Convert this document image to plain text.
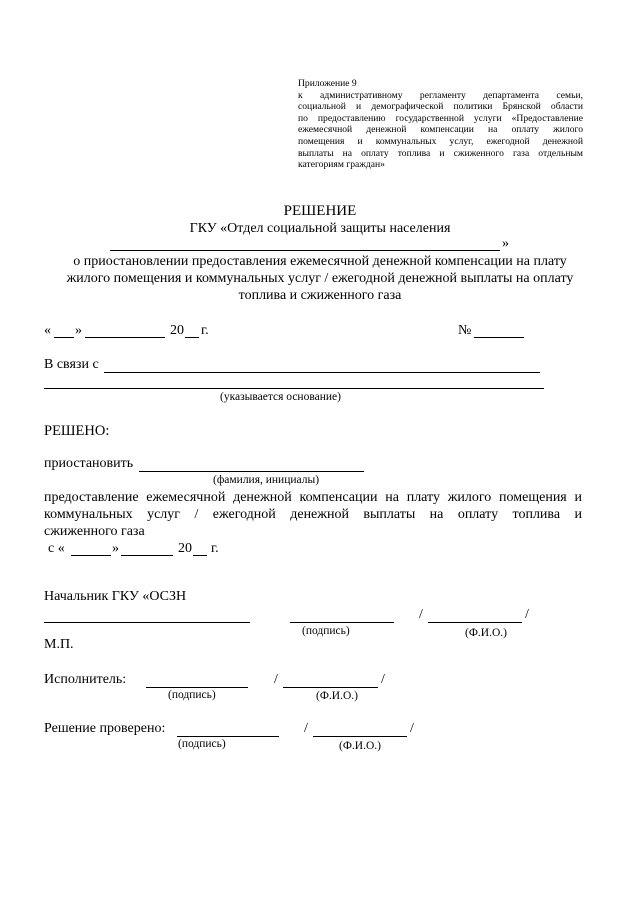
Приложение 9
к административному регламенту департамента семьи,
социальной и демографической политики Брянской области
по предоставлению государственной услуги «Предоставление
ежемесячной денежной компенсации на оплату жилого
помещения и коммунальных услуг, ежегодной денежной
выплаты на оплату топлива и сжиженного газа отдельным
категориям граждан»
РЕШЕНИЕ
ГКУ «Отдел социальной защиты населения
»
о приостановлении предоставления ежемесячной денежной компенсации на плату
жилого помещения и коммунальных услуг / ежегодной денежной выплаты на оплату
топлива и сжиженного газа
« »	20 г.	№
В связи с
(указывается основание)
РЕШЕНО:
приостановить
(фамилия, инициалы)
предоставление ежемесячной денежной компенсации на плату жилого помещения и
коммунальных услуг / ежегодной денежной выплаты на оплату топлива и
сжиженного газа
с «	»	20 г.
Начальник ГКУ «ОСЗН
(подпись)
/	/
(Ф.И.О.)
М.П.
Исполнитель:
(подпись)
/	/
(Ф.И.О.)
Решение проверено:
(подпись)
/	/
(Ф.И.О.)
